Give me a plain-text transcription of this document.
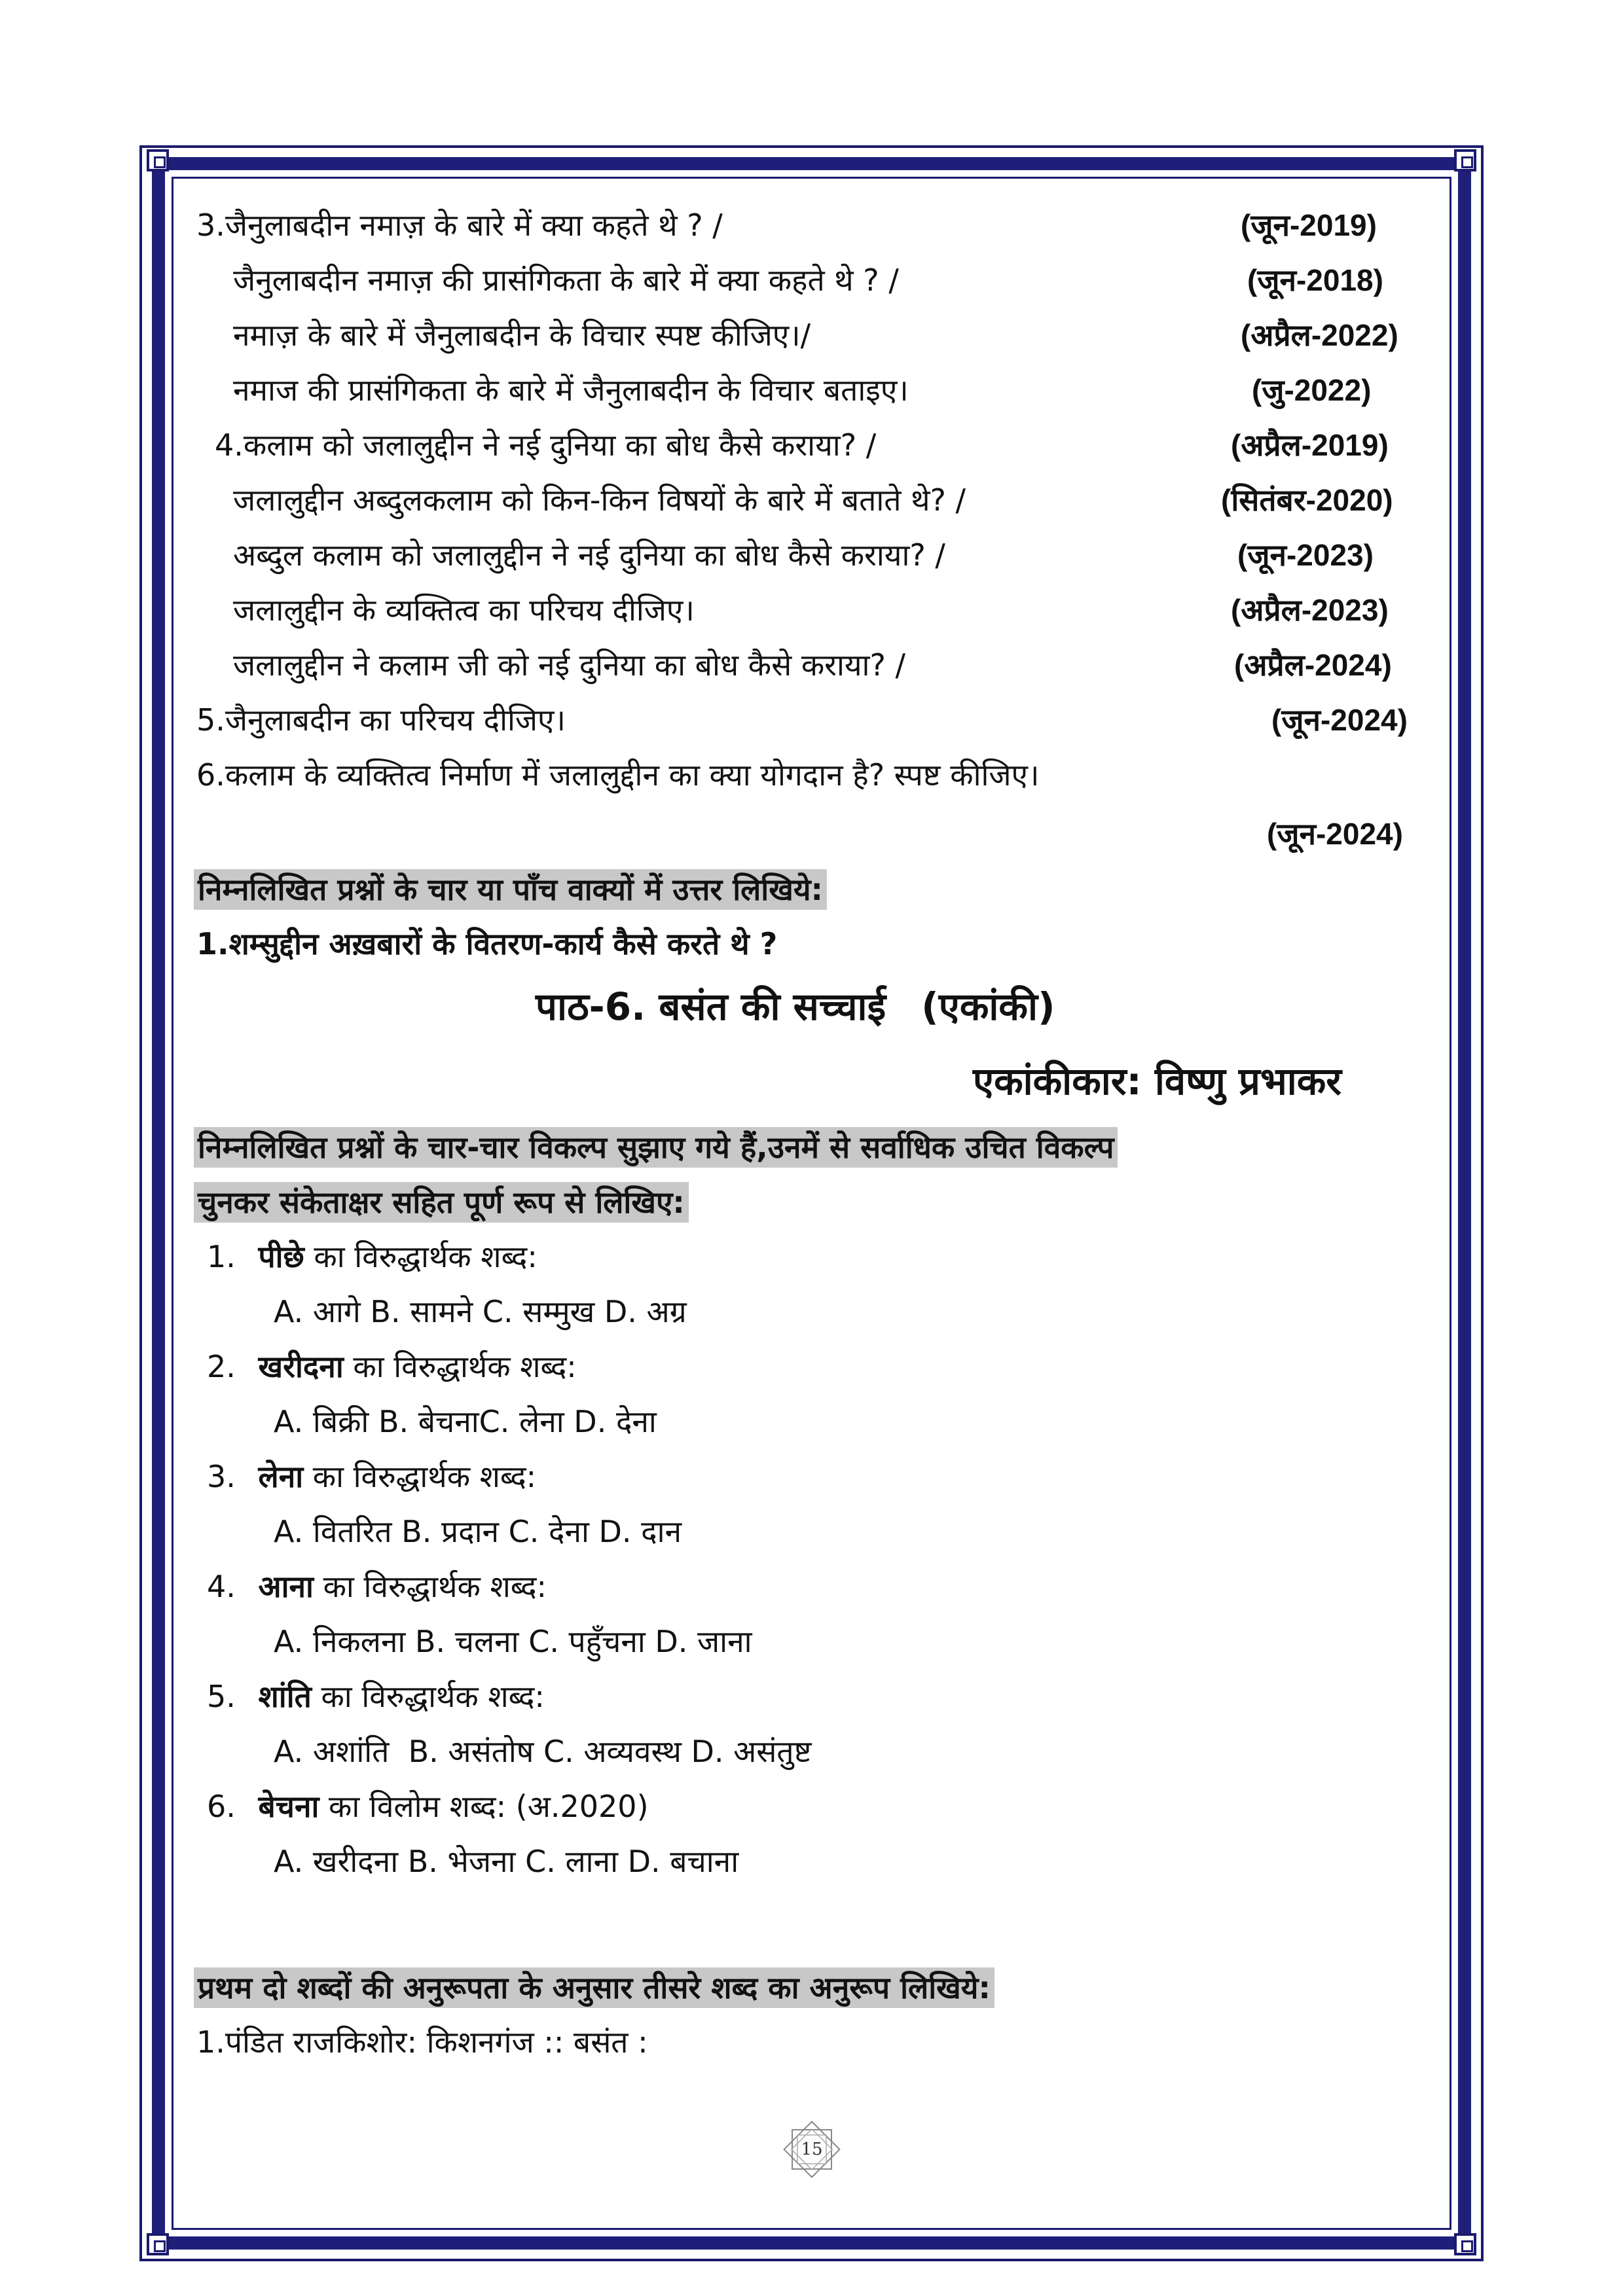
3.जैनुलाबदीन नमाज़ के बारे में क्या कहते थे ? /	(जून-2019)
जैनुलाबदीन नमाज़ की प्रासंगिकता के बारे में क्या कहते थे ? /	(जून-2018)
नमाज़ के बारे में जैनुलाबदीन के विचार स्पष्ट कीजिए।/	(अप्रैल-2022)
नमाज की प्रासंगिकता के बारे में जैनुलाबदीन के विचार बताइए।	(जु-2022)
4.कलाम को जलालुद्दीन ने नई दुनिया का बोध कैसे कराया? /	(अप्रैल-2019)
जलालुद्दीन अब्दुलकलाम को किन-किन विषयों के बारे में बताते थे? /	(सितंबर-2020)
अब्दुल कलाम को जलालुद्दीन ने नई दुनिया का बोध कैसे कराया? /	(जून-2023)
जलालुद्दीन के व्यक्तित्व का परिचय दीजिए।	(अप्रैल-2023)
जलालुद्दीन ने कलाम जी को नई दुनिया का बोध कैसे कराया? /	(अप्रैल-2024)
5.जैनुलाबदीन का परिचय दीजिए।	(जून-2024)
6.कलाम के व्यक्तित्व निर्माण में जलालुद्दीन का क्या योगदान है? स्पष्ट कीजिए।
(जून-2024)
निम्नलिखित प्रश्नों के चार या पाँच वाक्यों में उत्तर लिखिये:
1.शम्सुद्दीन अख़बारों के वितरण-कार्य कैसे करते थे ?
पाठ-6. बसंत की सच्चाई (एकांकी)
एकांकीकार: विष्णु प्रभाकर
निम्नलिखित प्रश्नों के चार-चार विकल्प सुझाए गये हैं,उनमें से सर्वाधिक उचित विकल्प
चुनकर संकेताक्षर सहित पूर्ण रूप से लिखिए:
1. पीछे का विरुद्धार्थक शब्द:
A. आगे B. सामने C. सम्मुख D. अग्र
2. खरीदना का विरुद्धार्थक शब्द:
A. बिक्री B. बेचनाC. लेना D. देना
3. लेना का विरुद्धार्थक शब्द:
A. वितरित B. प्रदान C. देना D. दान
4. आना का विरुद्धार्थक शब्द:
A. निकलना B. चलना C. पहुँचना D. जाना
5. शांति का विरुद्धार्थक शब्द:
A. अशांति  B. असंतोष C. अव्यवस्थ D. असंतुष्ट
6. बेचना का विलोम शब्द: (अ.2020)
A. खरीदना B. भेजना C. लाना D. बचाना
प्रथम दो शब्दों की अनुरूपता के अनुसार तीसरे शब्द का अनुरूप लिखिये:
1.पंडित राजकिशोर: किशनगंज :: बसंत :
15
